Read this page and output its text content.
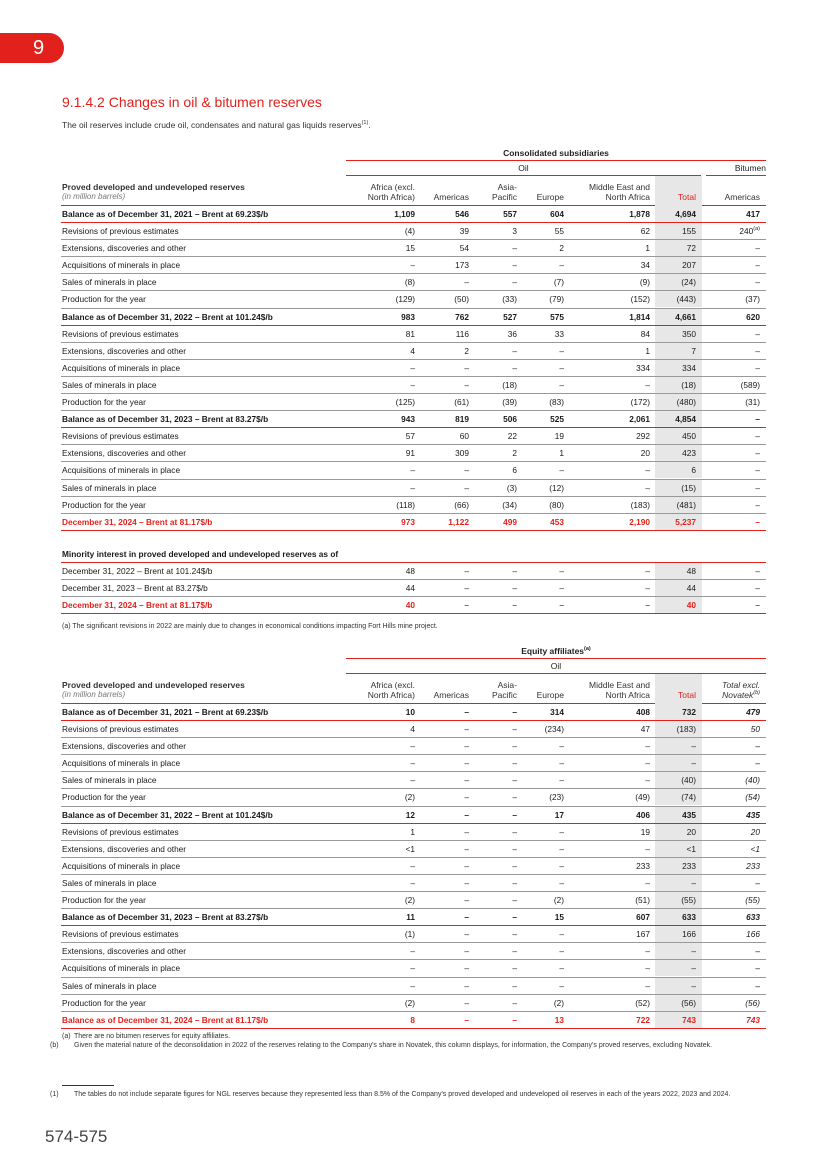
9
9.1.4.2 Changes in oil & bitumen reserves
The oil reserves include crude oil, condensates and natural gas liquids reserves$^{(1)}$.
Consolidated subsidiaries
Oil	Bitumen
Proved developed and undeveloped reserves
(in million barrels)
Africa (excl.
North Africa)	Americas
Asia-
Pacific	Europe
Middle East and
North Africa	Total	Americas
Balance as of December 31, 2021 – Brent at 69.23$/b	1,109	546	557	604	1,878	4,694	417
Revisions of previous estimates	(4)	39	3	55	62	155	240$^{(a)}$
Extensions, discoveries and other	15	54	–	2	1	72	–
Acquisitions of minerals in place	–	173	–	–	34	207	–
Sales of minerals in place	(8)	–	–	(7)	(9)	(24)	–
Production for the year	(129)	(50)	(33)	(79)	(152)	(443)	(37)
Balance as of December 31, 2022 – Brent at 101.24$/b	983	762	527	575	1,814	4,661	620
Revisions of previous estimates	81	116	36	33	84	350	–
Extensions, discoveries and other	4	2	–	–	1	7	–
Acquisitions of minerals in place	–	–	–	–	334	334	–
Sales of minerals in place	–	–	(18)	–	–	(18)	(589)
Production for the year	(125)	(61)	(39)	(83)	(172)	(480)	(31)
Balance as of December 31, 2023 – Brent at 83.27$/b	943	819	506	525	2,061	4,854	–
Revisions of previous estimates	57	60	22	19	292	450	–
Extensions, discoveries and other	91	309	2	1	20	423	–
Acquisitions of minerals in place	–	–	6	–	–	6	–
Sales of minerals in place	–	–	(3)	(12)	–	(15)	–
Production for the year	(118)	(66)	(34)	(80)	(183)	(481)	–
December 31, 2024 – Brent at 81.17$/b	973	1,122	499	453	2,190	5,237	–
Minority interest in proved developed and undeveloped reserves as of
December 31, 2022 – Brent at 101.24$/b	48	–	–	–	–	48	–
December 31, 2023 – Brent at 83.27$/b	44	–	–	–	–	44	–
December 31, 2024 – Brent at 81.17$/b	40	–	–	–	–	40	–
(a) The significant revisions in 2022 are mainly due to changes in economical conditions impacting Fort Hills mine project.
Equity affiliates$^{(a)}$
Oil
Proved developed and undeveloped reserves
(in million barrels)
Africa (excl.
North Africa)	Americas
Asia-
Pacific	Europe
Middle East and
North Africa	Total
Total excl.
Novatek$^{(b)}$
Balance as of December 31, 2021 – Brent at 69.23$/b	10	–	–	314	408	732	479
Revisions of previous estimates	4	–	–	(234)	47	(183)	50
Extensions, discoveries and other	–	–	–	–	–	–	–
Acquisitions of minerals in place	–	–	–	–	–	–	–
Sales of minerals in place	–	–	–	–	–	(40)	(40)
Production for the year	(2)	–	–	(23)	(49)	(74)	(54)
Balance as of December 31, 2022 – Brent at 101.24$/b	12	–	–	17	406	435	435
Revisions of previous estimates	1	–	–	–	19	20	20
Extensions, discoveries and other	<1	–	–	–	–	<1	<1
Acquisitions of minerals in place	–	–	–	–	233	233	233
Sales of minerals in place	–	–	–	–	–	–	–
Production for the year	(2)	–	–	(2)	(51)	(55)	(55)
Balance as of December 31, 2023 – Brent at 83.27$/b	11	–	–	15	607	633	633
Revisions of previous estimates	(1)	–	–	–	167	166	166
Extensions, discoveries and other	–	–	–	–	–	–	–
Acquisitions of minerals in place	–	–	–	–	–	–	–
Sales of minerals in place	–	–	–	–	–	–	–
Production for the year	(2)	–	–	(2)	(52)	(56)	(56)
Balance as of December 31, 2024 – Brent at 81.17$/b	8	–	–	13	722	743	743
(a) There are no bitumen reserves for equity affiliates.
(b) Given the material nature of the deconsolidation in 2022 of the reserves relating to the Company's share in Novatek, this column displays, for information, the Company's proved reserves, excluding Novatek.
(1) The tables do not include separate figures for NGL reserves because they represented less than 8.5% of the Company's proved developed and undeveloped oil reserves in each of the years 2022, 2023 and 2024.
574-575
